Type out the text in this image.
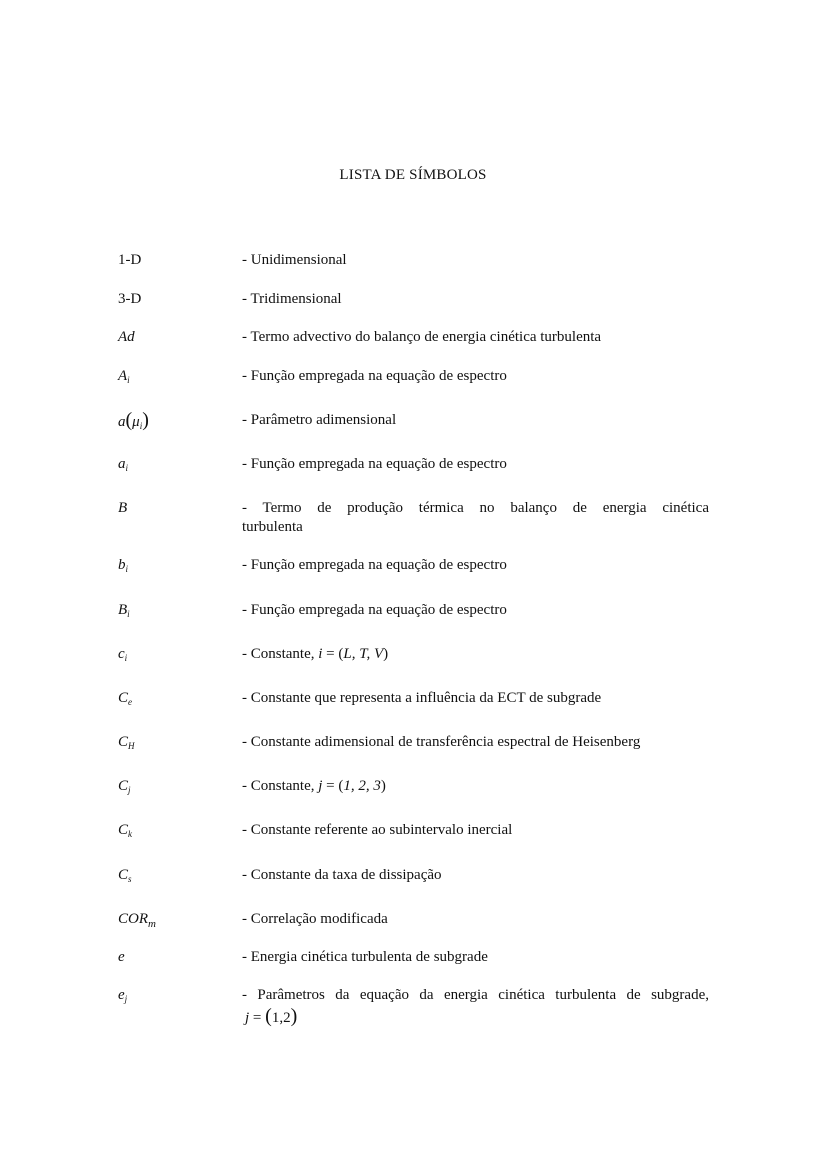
LISTA DE SÍMBOLOS
1-D	- Unidimensional
3-D	- Tridimensional
Ad	- Termo advectivo do balanço de energia cinética turbulenta
$A_i$	- Função empregada na equação de espectro
$a(\mu_i)$	- Parâmetro adimensional
$a_i$	- Função empregada na equação de espectro
B	- Termo de produção térmica no balanço de energia cinética turbulenta
$b_i$	- Função empregada na equação de espectro
$B_i$	- Função empregada na equação de espectro
$c_i$	- Constante, i = (L, T, V)
$C_e$	- Constante que representa a influência da ECT de subgrade
$C_H$	- Constante adimensional de transferência espectral de Heisenberg
$C_j$	- Constante, j = (1, 2, 3)
$C_k$	- Constante referente ao subintervalo inercial
$C_s$	- Constante da taxa de dissipação
$COR_m$	- Correlação modificada
e	- Energia cinética turbulenta de subgrade
$e_j$	- Parâmetros da equação da energia cinética turbulenta de subgrade,
j = (1,2)
